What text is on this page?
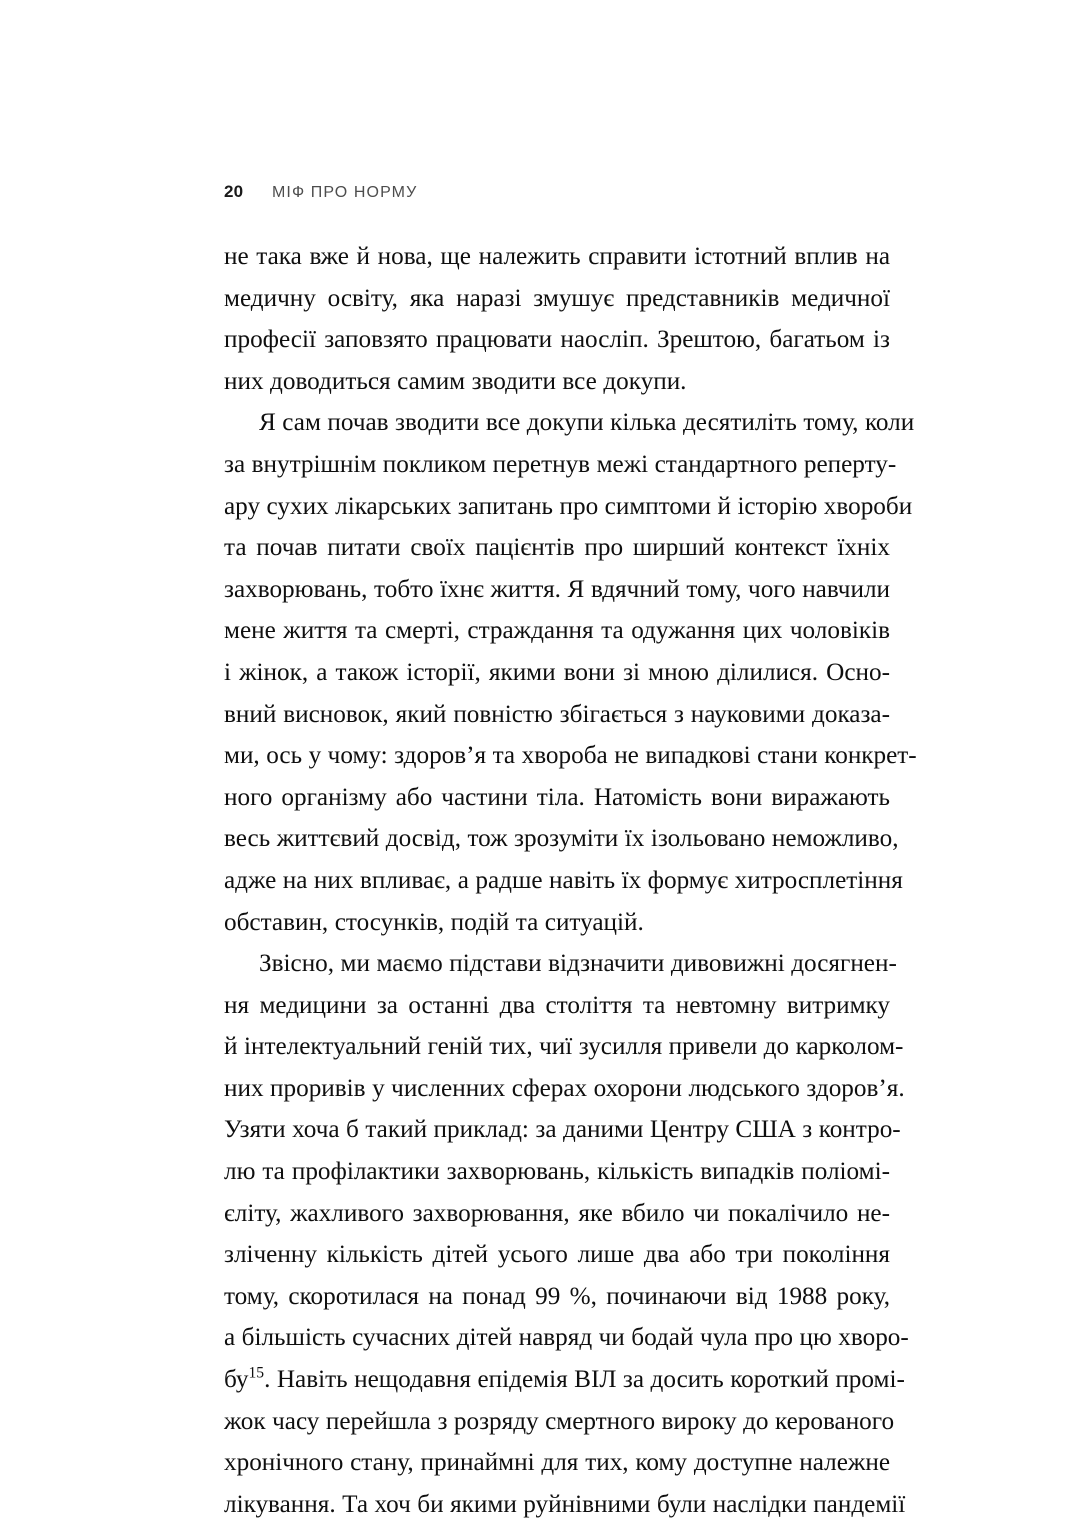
20	МІФ ПРО НОРМУ

не така вже й нова, ще належить справити істотний вплив на
медичну освіту, яка наразі змушує представників медичної
професії заповзято працювати наосліп. Зрештою, багатьом із
них доводиться самим зводити все докупи.

Я сам почав зводити все докупи кілька десятиліть тому, коли
за внутрішнім покликом перетнув межі стандартного реперту-
ару сухих лікарських запитань про симптоми й історію хвороби
та почав питати своїх пацієнтів про ширший контекст їхніх
захворювань, тобто їхнє життя. Я вдячний тому, чого навчили
мене життя та смерті, страждання та одужання цих чоловіків
і жінок, а також історії, якими вони зі мною ділилися. Осно-
вний висновок, який повністю збігається з науковими доказа-
ми, ось у чому: здоров’я та хвороба не випадкові стани конкрет-
ного організму або частини тіла. Натомість вони виражають
весь життєвий досвід, тож зрозуміти їх ізольовано неможливо,
адже на них впливає, а радше навіть їх формує хитросплетіння
обставин, стосунків, подій та ситуацій.

Звісно, ми маємо підстави відзначити дивовижні досягнен-
ня медицини за останні два століття та невтомну витримку
й інтелектуальний геній тих, чиї зусилля привели до карколом-
них проривів у численних сферах охорони людського здоров’я.
Узяти хоча б такий приклад: за даними Центру США з контро-
лю та профілактики захворювань, кількість випадків поліомі-
єліту, жахливого захворювання, яке вбило чи покалічило не-
зліченну кількість дітей усього лише два або три покоління
тому, скоротилася на понад 99 %, починаючи від 1988 року,
а більшість сучасних дітей навряд чи бодай чула про цю хворо-
бу$^{15}$. Навіть нещодавня епідемія ВІЛ за досить короткий промі-
жок часу перейшла з розряду смертного вироку до керованого
хронічного стану, принаймні для тих, кому доступне належне
лікування. Та хоч би якими руйнівними були наслідки пандемії
